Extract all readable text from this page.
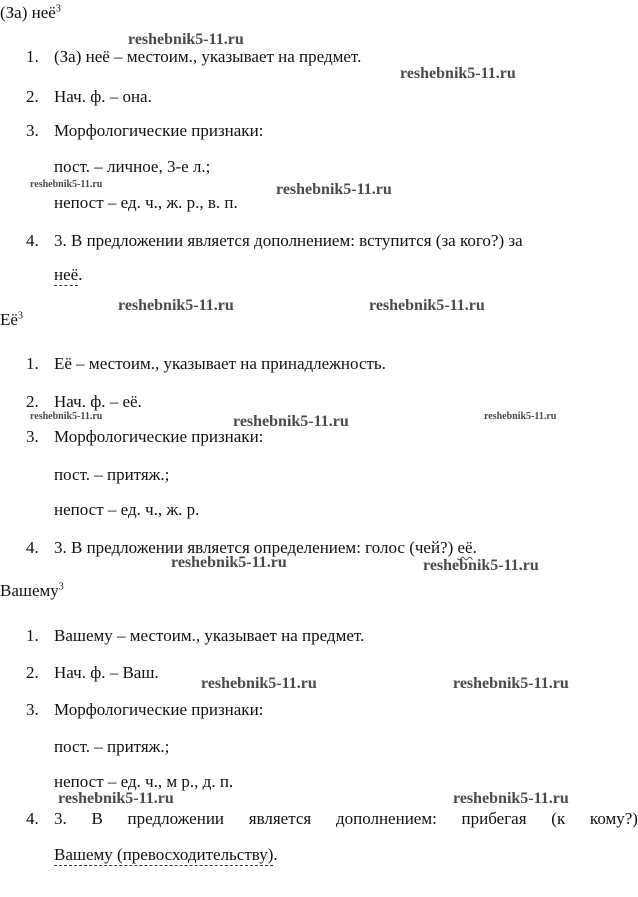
(За) неё$^3$
1. (За) неё – местоим., указывает на предмет.
2. Нач. ф. – она.
3. Морфологические признаки:
пост. – личное, 3-е л.;
непост – ед. ч., ж. р., в. п.
4. 3. В предложении является дополнением: вступится (за кого?) за
неё.
$Её^3$
1. Её – местоим., указывает на принадлежность.
2. Нач. ф. – её.
3. Морфологические признаки:
пост. – притяж.;
непост – ед. ч., ж. р.
4. 3. В предложении является определением: голос (чей?) её.
Вашему$^3$
1. Вашему – местоим., указывает на предмет.
2. Нач. ф. – Ваш.
3. Морфологические признаки:
пост. – притяж.;
непост – ед. ч., м р., д. п.
4. 3. В предложении является дополнением: прибегая (к кому?)
Вашему (превосходительству).
reshebnik5-11.ru
reshebnik5-11.ru
reshebnik5-11.ru	reshebnik5-11.ru
reshebnik5-11.ru	reshebnik5-11.ru
reshebnik5-11.ru	reshebnik5-11.ru	reshebnik5-11.ru
reshebnik5-11.ru	reshebnik5-11.ru
reshebnik5-11.ru	reshebnik5-11.ru
reshebnik5-11.ru	reshebnik5-11.ru
